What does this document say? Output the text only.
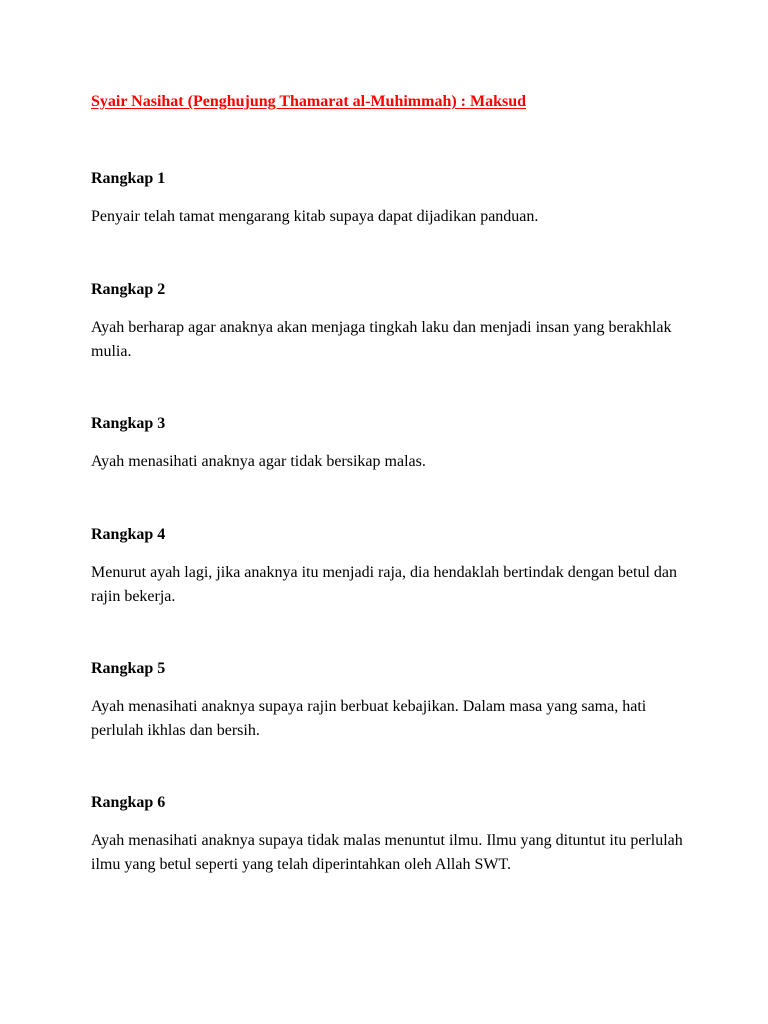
Syair Nasihat (Penghujung Thamarat al-Muhimmah) : Maksud
Rangkap 1

Penyair telah tamat mengarang kitab supaya dapat dijadikan panduan.

Rangkap 2

Ayah berharap agar anaknya akan menjaga tingkah laku dan menjadi insan yang berakhlak mulia.

Rangkap 3

Ayah menasihati anaknya agar tidak bersikap malas.

Rangkap 4

Menurut ayah lagi, jika anaknya itu menjadi raja, dia hendaklah bertindak dengan betul dan rajin bekerja.

Rangkap 5

Ayah menasihati anaknya supaya rajin berbuat kebajikan. Dalam masa yang sama, hati perlulah ikhlas dan bersih.

Rangkap 6

Ayah menasihati anaknya supaya tidak malas menuntut ilmu. Ilmu yang dituntut itu perlulah ilmu yang betul seperti yang telah diperintahkan oleh Allah SWT.
